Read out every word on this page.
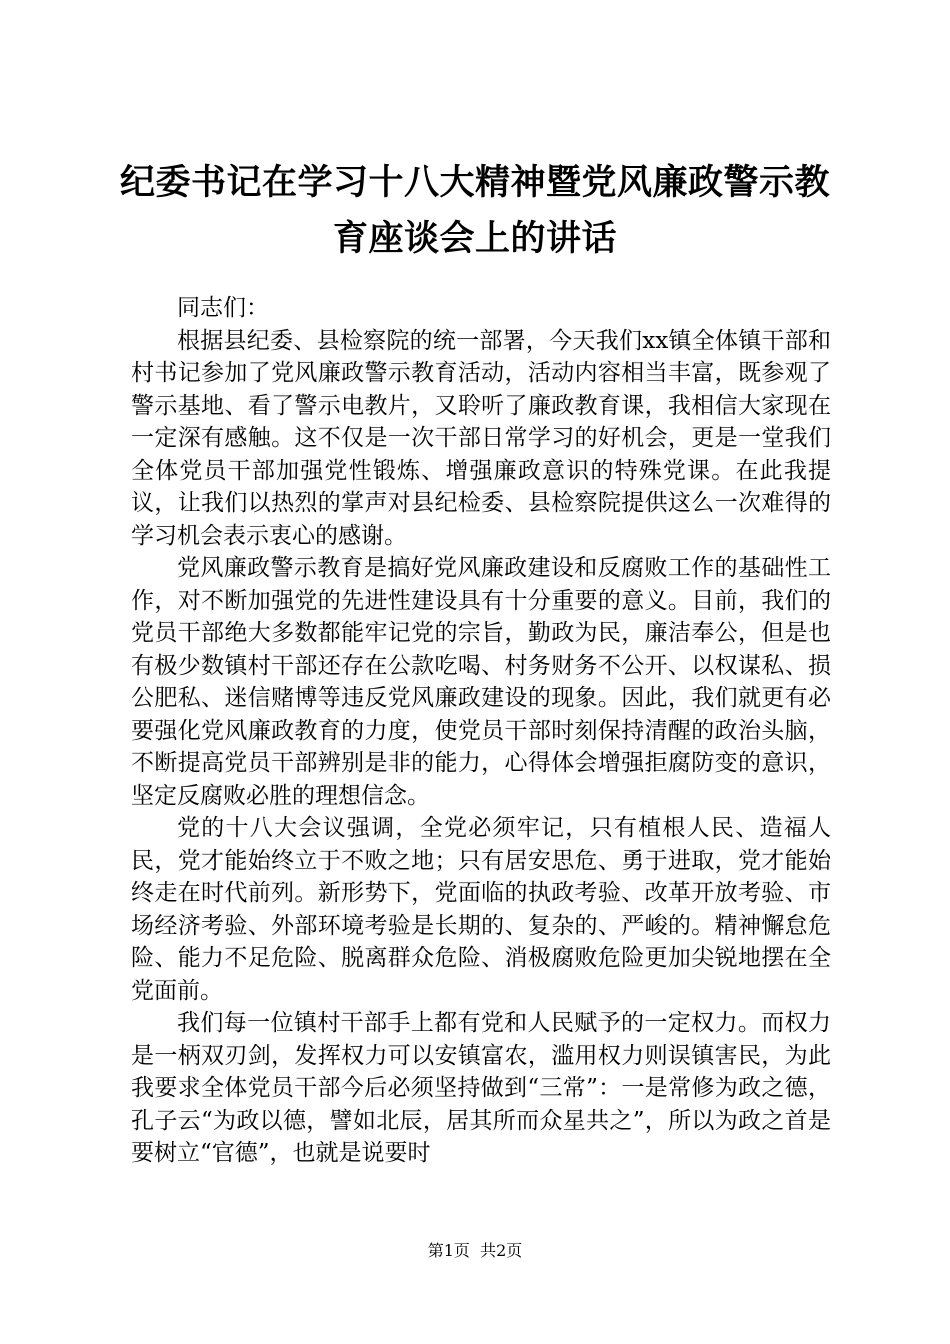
纪委书记在学习十八大精神暨党风廉政警示教
育座谈会上的讲话

同志们：

根据县纪委、县检察院的统一部署，今天我们xx镇全体镇干部和村书记参加了党风廉政警示教育活动，活动内容相当丰富，既参观了警示基地、看了警示电教片，又聆听了廉政教育课，我相信大家现在一定深有感触。这不仅是一次干部日常学习的好机会，更是一堂我们全体党员干部加强党性锻炼、增强廉政意识的特殊党课。在此我提议，让我们以热烈的掌声对县纪检委、县检察院提供这么一次难得的学习机会表示衷心的感谢。

党风廉政警示教育是搞好党风廉政建设和反腐败工作的基础性工作，对不断加强党的先进性建设具有十分重要的意义。目前，我们的党员干部绝大多数都能牢记党的宗旨，勤政为民，廉洁奉公，但是也有极少数镇村干部还存在公款吃喝、村务财务不公开、以权谋私、损公肥私、迷信赌博等违反党风廉政建设的现象。因此，我们就更有必要强化党风廉政教育的力度，使党员干部时刻保持清醒的政治头脑，不断提高党员干部辨别是非的能力，心得体会增强拒腐防变的意识，坚定反腐败必胜的理想信念。

党的十八大会议强调，全党必须牢记，只有植根人民、造福人民，党才能始终立于不败之地；只有居安思危、勇于进取，党才能始终走在时代前列。新形势下，党面临的执政考验、改革开放考验、市场经济考验、外部环境考验是长期的、复杂的、严峻的。精神懈怠危险、能力不足危险、脱离群众危险、消极腐败危险更加尖锐地摆在全党面前。

我们每一位镇村干部手上都有党和人民赋予的一定权力。而权力是一柄双刃剑，发挥权力可以安镇富农，滥用权力则误镇害民，为此我要求全体党员干部今后必须坚持做到“三常”：一是常修为政之德，孔子云“为政以德，譬如北辰，居其所而众星共之”，所以为政之首是要树立“官德”，也就是说要时

第1页  共2页
